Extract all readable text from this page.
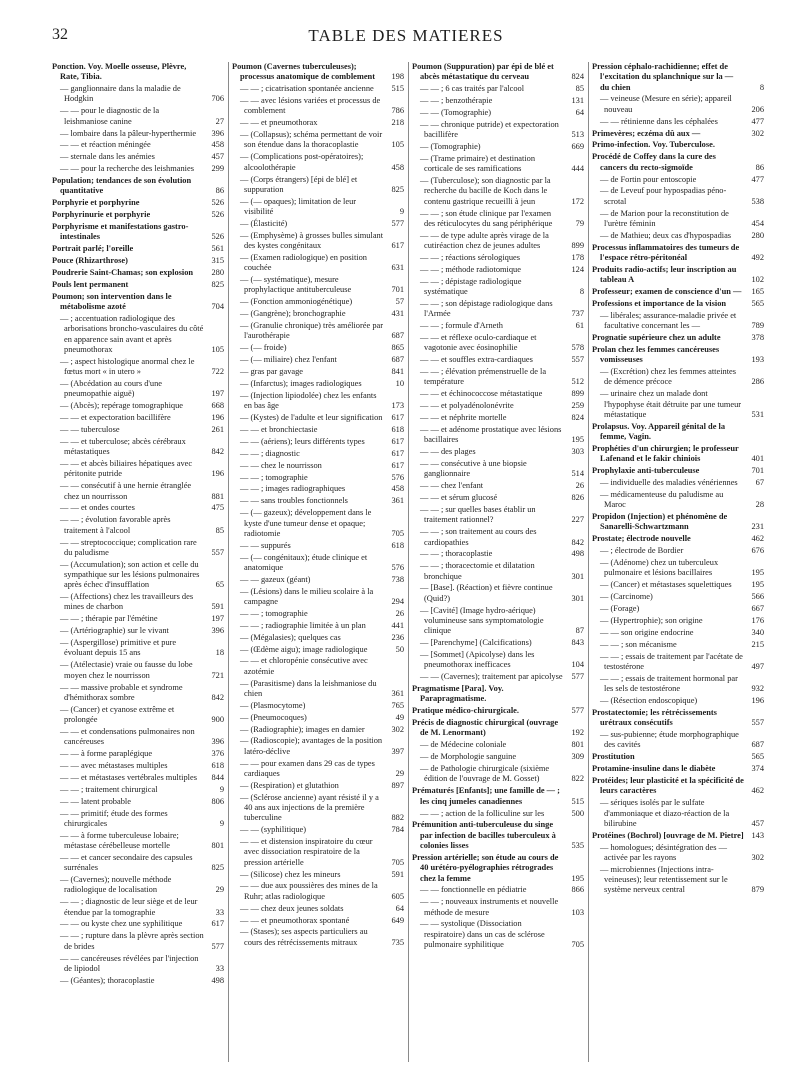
32	TABLE DES MATIERES
Ponction. Voy. Moelle osseuse, Plèvre, Rate, Tibia.
— ganglionnaire dans la maladie de Hodgkin	706
— — pour le diagnostic de la leishmaniose canine	27
— lombaire dans la pâleur-hyperthermie	396
— — et réaction méningée	458
— sternale dans les anémies	457
— — pour la recherche des leishmanies	299
Population; tendances de son évolution quantitative	86
Porphyrie et porphyrine	526
Porphyrinurie et porphyrie	526
Porphyrisme et manifestations gastro-intestinales	526
Portrait parlé; l'oreille	561
Pouce (Rhizarthrose)	315
Poudrerie Saint-Chamas; son explosion	280
Pouls lent permanent	825
Poumon; son intervention dans le métabolisme azoté	704
— ; accentuation radiologique des arborisations broncho-vasculaires du côté en apparence sain avant et après pneumothorax	105
— ; aspect histologique anormal chez le fœtus mort « in utero »	722
— (Abcédation au cours d'une pneumopathie aiguë)	197
— (Abcès); repérage tomographique	668
— — et expectoration bacillifère	196
— — tuberculose	261
— — et tuberculose; abcès cérébraux métastatiques	842
— — et abcès biliaires hépatiques avec péritonite putride	196
— — consécutif à une hernie étranglée chez un nourrisson	881
— — et ondes courtes	475
— — ; évolution favorable après traitement à l'alcool	85
— — streptococcique; complication rare du paludisme	557
— (Accumulation); son action et celle du sympathique sur les lésions pulmonaires après échec d'insufflation	65
— (Affections) chez les travailleurs des mines de charbon	591
— — ; thérapie par l'émétine	197
— (Artériographie) sur le vivant	396
— (Aspergillose) primitive et pure évoluant depuis 15 ans	18
— (Atélectasie) vraie ou fausse du lobe moyen chez le nourrisson	721
— — massive probable et syndrome d'hémithorax sombre	842
— (Cancer) et cyanose extrême et prolongée	900
— — et condensations pulmonaires non cancéreuses	396
— — à forme paraplégique	376
— — avec métastases multiples	618
— — et métastases vertébrales multiples	844
— — ; traitement chirurgical	9
— — latent probable	806
— — primitif; étude des formes chirurgicales	9
— — à forme tuberculeuse lobaire; métastase cérébelleuse mortelle	801
— — et cancer secondaire des capsules surrénales	825
— (Cavernes); nouvelle méthode radiologique de localisation	29
— — ; diagnostic de leur siège et de leur étendue par la tomographie	33
— — ou kyste chez une syphilitique	617
— — ; rupture dans la plèvre après section de brides	577
— — cancéreuses révélées par l'injection de lipiodol	33
— (Géantes); thoracoplastie	498
Poumon (Cavernes tuberculeuses); processus anatomique de comblement	198
— — ; cicatrisation spontanée ancienne	515
— — avec lésions variées et processus de comblement	786
— — et pneumothorax	218
— (Collapsus); schéma permettant de voir son étendue dans la thoracoplastie	105
— (Complications post-opératoires); alcoolothérapie	458
— (Corps étrangers) [épi de blé] et suppuration	825
— (— opaques); limitation de leur visibilité	9
— (Élasticité)	577
— (Emphysème) à grosses bulles simulant des kystes congénitaux	617
— (Examen radiologique) en position couchée	631
— (— systématique), mesure prophylactique antituberculeuse	701
— (Fonction ammoniogénétique)	57
— (Gangrène); bronchographie	431
— (Granulie chronique) très améliorée par l'aurothérapie	687
— (— froide)	865
— (— miliaire) chez l'enfant	687
— gras par gavage	841
— (Infarctus); images radiologiques	10
— (Injection lipiodolée) chez les enfants en bas âge	173
— (Kystes) de l'adulte et leur signification	617
— — et bronchiectasie	618
— — (aériens); leurs différents types	617
— — ; diagnostic	617
— — chez le nourrisson	617
— — ; tomographie	576
— — ; images radiographiques	458
— — sans troubles fonctionnels	361
— (— gazeux); développement dans le kyste d'une tumeur dense et opaque; radiotomie	705
— — suppurés	618
— (— congénitaux); étude clinique et anatomique	576
— — gazeux (géant)	738
— (Lésions) dans le milieu scolaire à la campagne	294
— — ; tomographie	26
— — ; radiographie limitée à un plan	441
— (Mégalasies); quelques cas	236
— (Œdème aigu); image radiologique	50
— — et chloropénie consécutive avec azotémie
— (Parasitisme) dans la leishmaniose du chien	361
— (Plasmocytome)	765
— (Pneumocoques)	49
— (Radiographie); images en damier	302
— (Radioscopie); avantages de la position latéro-déclive	397
— — pour examen dans 29 cas de types cardiaques	29
— (Respiration) et glutathion	897
— (Sclérose ancienne) ayant résisté il y a 40 ans aux injections de la première tuberculine	882
— — (syphilitique)	784
— — et distension inspiratoire du cœur avec dissociation respiratoire de la pression artérielle	705
— (Silicose) chez les mineurs	591
— — due aux poussières des mines de la Ruhr; atlas radiologique	605
— — chez deux jeunes soldats	64
— — et pneumothorax spontané	649
— (Stases); ses aspects particuliers au cours des rétrécissements mitraux	735
Poumon (Suppuration) par épi de blé et abcès métastatique du cerveau	824
— — ; 6 cas traités par l'alcool	85
— — ; benzothérapie	131
— — (Tomographie)	64
— — chronique putride) et expectoration bacillifère	513
— (Tomographie)	669
— (Trame primaire) et destination corticale de ses ramifications	444
— (Tuberculose); son diagnostic par la recherche du bacille de Koch dans le contenu gastrique recueilli à jeun	172
— — ; son étude clinique par l'examen des réticulocytes du sang périphérique	79
— — de type adulte après virage de la cutiréaction chez de jeunes adultes	899
— — ; réactions sérologiques	178
— — ; méthode radiotomique	124
— — ; dépistage radiologique systématique	8
— — ; son dépistage radiologique dans l'Armée	737
— — ; formule d'Arneth	61
— — et réflexe oculo-cardiaque et vagotonie avec éosinophilie	578
— — et souffles extra-cardiaques	557
— — ; élévation prémenstruelle de la température	512
— — et échinococcose métastatique	899
— — et polyadénolonévrite	259
— — et néphrite mortelle	824
— — et adénome prostatique avec lésions bacillaires	195
— — des plages	303
— — consécutive à une biopsie ganglionnaire	514
— — chez l'enfant	26
— — et sérum glucosé	826
— — ; sur quelles bases établir un traitement rationnel?	227
— — ; son traitement au cours des cardiopathies	842
— — ; thoracoplastie	498
— — ; thoracectomie et dilatation bronchique	301
— [Base]. (Réaction) et fièvre continue (Quid?)	301
— [Cavité] (Image hydro-aérique) volumineuse sans symptomatologie clinique	87
— [Parenchyme] (Calcifications)	843
— [Sommet] (Apicolyse) dans les pneumothorax inefficaces	104
— — (Cavernes); traitement par apicolyse	577
Pragmatisme [Para]. Voy. Parapragmatisme.
Pratique médico-chirurgicale.	577
Précis de diagnostic chirurgical (ouvrage de M. Lenormant)	192
— de Médecine coloniale	801
— de Morphologie sanguine	309
— de Pathologie chirurgicale (sixième édition de l'ouvrage de M. Gosset)	822
Prématurés [Enfants]; une famille de — ; les cinq jumeles canadiennes	515
— — ; action de la folliculine sur les	500
Prémunition anti-tuberculeuse du singe par infection de bacilles tuberculeux à colonies lisses	535
Pression artérielle; son étude au cours de 40 urétéro-pyélographies rétrogrades chez la femme	195
— — fonctionnelle en pédiatrie	866
— — ; nouveaux instruments et nouvelle méthode de mesure	103
— — systolique (Dissociation respiratoire) dans un cas de sclérose pulmonaire syphilitique	705
Pression céphalo-rachidienne; effet de l'excitation du splanchnique sur la — du chien	8
— veineuse (Mesure en série); appareil nouveau	206
— — rétinienne dans les céphalées	477
Primevères; eczéma dû aux —	302
Primo-infection. Voy. Tuberculose.
Procédé de Coffey dans la cure des cancers du recto-sigmoïde	86
— de Fortin pour entoscopie	477
— de Leveuf pour hypospadias péno-scrotal	538
— de Marion pour la reconstitution de l'urètre féminin	454
— de Mathieu; deux cas d'hypospadias	280
Processus inflammatoires des tumeurs de l'espace rétro-péritonéal	492
Produits radio-actifs; leur inscription au tableau A	102
Professeur; examen de conscience d'un —	165
Professions et importance de la vision	565
— libérales; assurance-maladie privée et facultative concernant les —	789
Prognatie supérieure chez un adulte	378
Prolan chez les femmes cancéreuses vomisseuses	193
— (Excrétion) chez les femmes atteintes de démence précoce	286
— urinaire chez un malade dont l'hypophyse était détruite par une tumeur métastatique	531
Prolapsus. Voy. Appareil génital de la femme, Vagin.
Prophéties d'un chirurgien; le professeur Lafenand et le fakir chiniois	401
Prophylaxie anti-tuberculeuse	701
— individuelle des maladies vénériennes	67
— médicamenteuse du paludisme au Maroc	28
Propidon (Injection) et phénomène de Sanarelli-Schwartzmann	231
Prostate; électrode nouvelle	462
— ; électrode de Bordier	676
— (Adénome) chez un tuberculeux pulmonaire et lésions bacillaires	195
— (Cancer) et métastases squelettiques	195
— (Carcinome)	566
— (Forage)	667
— (Hypertrophie); son origine	176
— — son origine endocrine	340
— — ; son mécanisme	215
— — ; essais de traitement par l'acétate de testostérone	497
— — ; essais de traitement hormonal par les sels de testostérone	932
— (Résection endoscopique)	196
Prostatectomie; les rétrécissements urétraux consécutifs	557
— sus-pubienne; étude morphographique des cavités	687
Prostitution	565
Protamine-insuline dans le diabète	374
Protéides; leur plasticité et la spécificité de leurs caractères	462
— sériques isolés par le sulfate d'ammoniaque et diazo-réaction de la bilirubine	457
Protéines (Bochrol) [ouvrage de M. Pietre] 143
— homologues; désintégration des — activée par les rayons	302
— microbiennes (Injections intra-veineuses); leur retentissement sur le système nerveux central	879
